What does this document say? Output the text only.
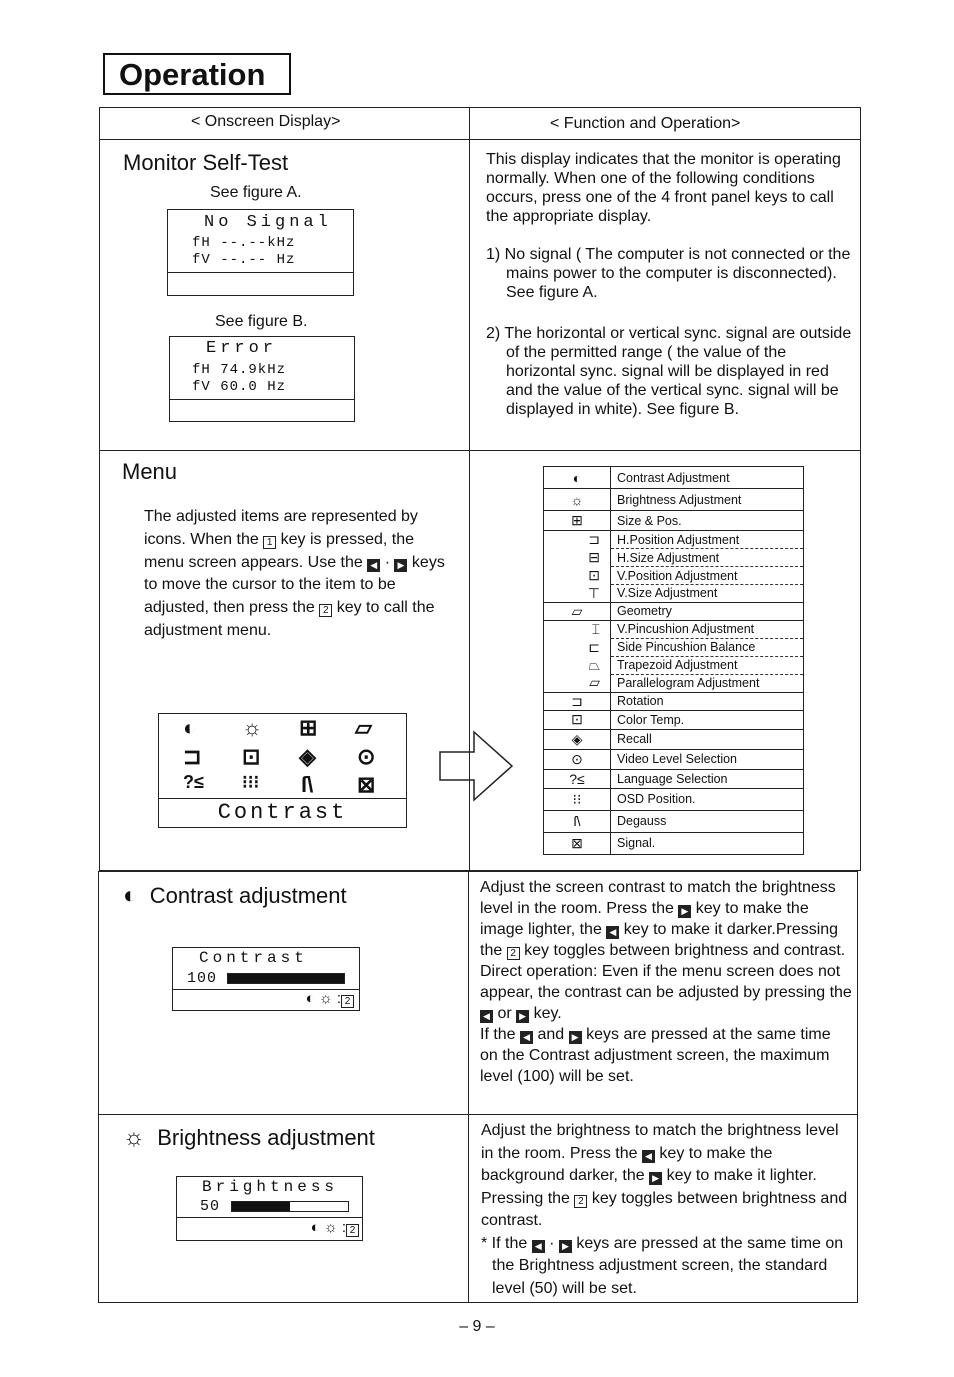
Operation
< Onscreen Display>	< Function and Operation>
Monitor Self-Test
See figure A.
No Signal
fH --.--kHz
fV --.-- Hz
See figure B.
Error
fH 74.9kHz
fV 60.0 Hz

This display indicates that the monitor is operating normally. When one of the following conditions occurs, press one of the 4 front panel keys to call the appropriate display.

1) No signal ( The computer is not connected or the mains power to the computer is disconnected). See figure A.

2) The horizontal or vertical sync. signal are outside of the permitted range ( the value of the horizontal sync. signal will be displayed in red and the value of the vertical sync. signal will be displayed in white). See figure B.

Menu
The adjusted items are represented by icons. When the 1 key is pressed, the menu screen appears. Use the ◀ · ▶ keys to move the cursor to the item to be adjusted, then press the 2 key to call the adjustment menu.
◐ ☼ ⊞ ▱
⊐ ⊡ ◈ ⊙
?≤ ⁝⁝⁝ ſ\ ⊠
Contrast
◐	Contrast Adjustment
☼	Brightness Adjustment
⊞	Size & Pos.
⊐	H.Position Adjustment
⊟	H.Size Adjustment
⊡	V.Position Adjustment
⊤	V.Size Adjustment
▱	Geometry
⌶	V.Pincushion Adjustment
⊏	Side Pincushion Balance
⏢	Trapezoid Adjustment
▱	Parallelogram Adjustment
⊐	Rotation
⊡	Color Temp.
◈	Recall
⊙	Video Level Selection
?≤	Language Selection
⁝⁝	OSD Position.
ſ\	Degauss
⊠	Signal.
◐ Contrast adjustment
Contrast
100
◐ ☼ : 2
Adjust the screen contrast to match the brightness level in the room. Press the ▶ key to make the image lighter, the ◀ key to make it darker.Pressing the 2 key toggles between brightness and contrast.
Direct operation: Even if the menu screen does not appear, the contrast can be adjusted by pressing the ◀ or ▶ key.
If the ◀ and ▶ keys are pressed at the same time on the Contrast adjustment screen, the maximum level (100) will be set.
☼ Brightness adjustment
Brightness
50
◐ ☼ : 2
Adjust the brightness to match the brightness level in the room. Press the ◀ key to make the background darker, the ▶ key to make it lighter. Pressing the 2 key toggles between brightness and contrast.
* If the ◀ · ▶ keys are pressed at the same time on the Brightness adjustment screen, the standard level (50) will be set.
– 9 –
